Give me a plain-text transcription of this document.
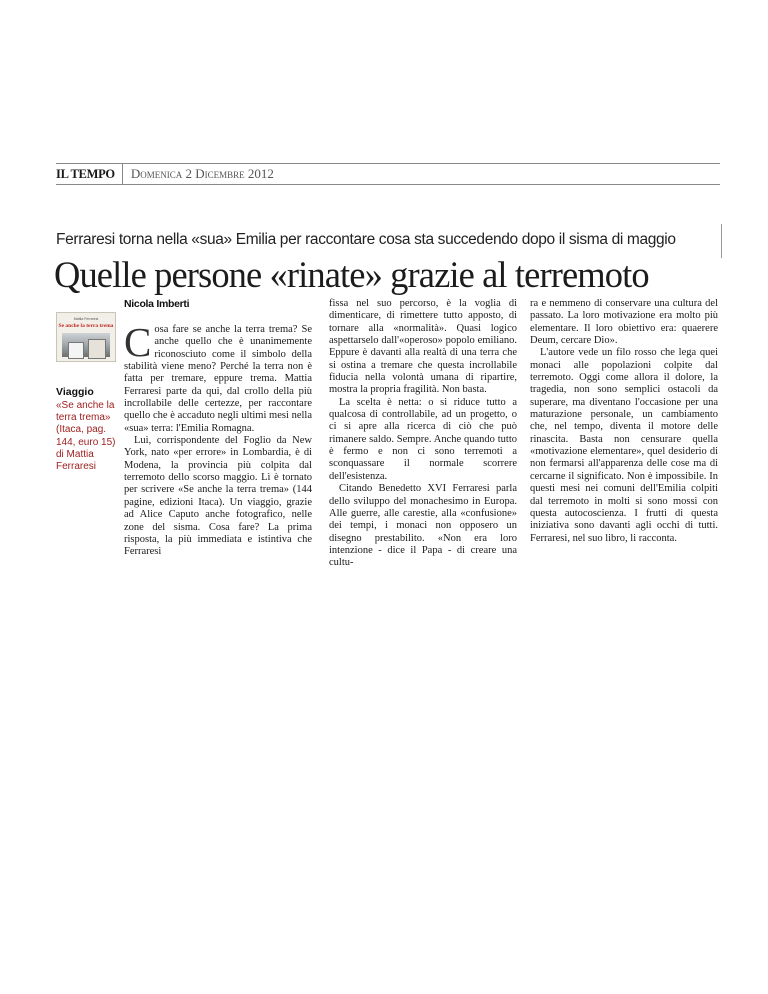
IL TEMPO	Domenica 2 Dicembre 2012
Ferraresi torna nella «sua» Emilia per raccontare cosa sta succedendo dopo il sisma di maggio
Quelle persone «rinate» grazie al terremoto
Mattia Ferraresi
Se anche la terra trema
Viaggio
«Se anche la terra trema» (Itaca, pag. 144, euro 15) di Mattia Ferraresi
Nicola Imberti

Cosa fare se anche la terra trema? Se anche quello che è unanimemente riconosciuto come il simbolo della stabilità viene meno? Perché la terra non è fatta per tremare, eppure trema. Mattia Ferraresi parte da qui, dal crollo della più incrollabile delle certezze, per raccontare quello che è accaduto negli ultimi mesi nella «sua» terra: l'Emilia Romagna.

Lui, corrispondente del Foglio da New York, nato «per errore» in Lombardia, è di Modena, la provincia più colpita dal terremoto dello scorso maggio. Lì è tornato per scrivere «Se anche la terra trema» (144 pagine, edizioni Itaca). Un viaggio, grazie ad Alice Caputo anche fotografico, nelle zone del sisma. Cosa fare? La prima risposta, la più immediata e istintiva che Ferraresi

fissa nel suo percorso, è la voglia di dimenticare, di rimettere tutto apposto, di tornare alla «normalità». Quasi logico aspettarselo dall'«operoso» popolo emiliano. Eppure è davanti alla realtà di una terra che si ostina a tremare che questa incrollabile fiducia nella volontà umana di ripartire, mostra la propria fragilità. Non basta.

La scelta è netta: o si riduce tutto a qualcosa di controllabile, ad un progetto, o ci si apre alla ricerca di ciò che può rimanere saldo. Sempre. Anche quando tutto è fermo e non ci sono terremoti a sconquassare il normale scorrere dell'esistenza.

Citando Benedetto XVI Ferraresi parla dello sviluppo del monachesimo in Europa. Alle guerre, alle carestie, alla «confusione» dei tempi, i monaci non opposero un disegno prestabilito. «Non era loro intenzione - dice il Papa - di creare una cultu-

ra e nemmeno di conservare una cultura del passato. La loro motivazione era molto più elementare. Il loro obiettivo era: quaerere Deum, cercare Dio».

L'autore vede un filo rosso che lega quei monaci alle popolazioni colpite dal terremoto. Oggi come allora il dolore, la tragedia, non sono semplici ostacoli da superare, ma diventano l'occasione per una maturazione personale, un cambiamento che, nel tempo, diventa il motore delle rinascita. Basta non censurare quella «motivazione elementare», quel desiderio di non fermarsi all'apparenza delle cose ma di cercarne il significato. Non è impossibile. In questi mesi nei comuni dell'Emilia colpiti dal terremoto in molti si sono mossi con questa autocoscienza. I frutti di questa iniziativa sono davanti agli occhi di tutti. Ferraresi, nel suo libro, li racconta.
